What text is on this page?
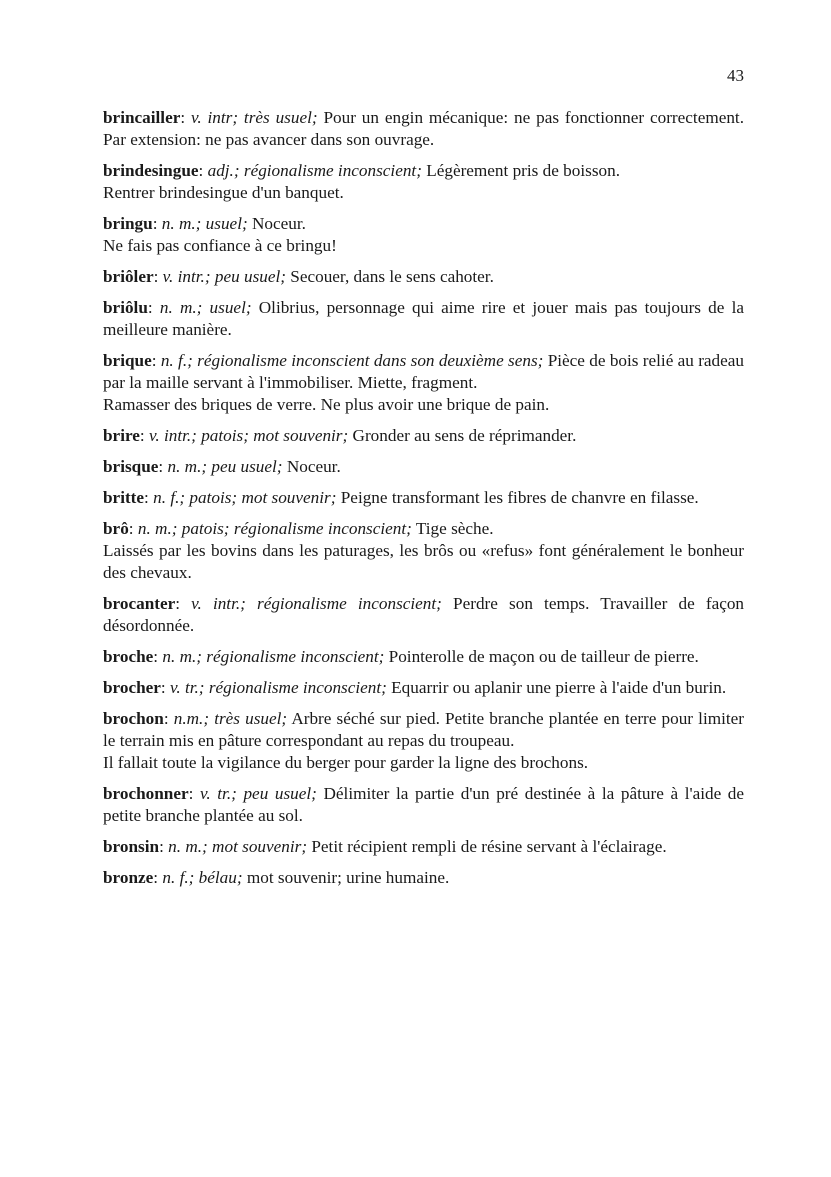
43

brincailler: v. intr; très usuel; Pour un engin mécanique: ne pas fonctionner correctement. Par extension: ne pas avancer dans son ouvrage.

brindesingue: adj.; régionalisme inconscient; Légèrement pris de boisson.
Rentrer brindesingue d'un banquet.

bringu: n. m.; usuel; Noceur.
Ne fais pas confiance à ce bringu!

briôler: v. intr.; peu usuel; Secouer, dans le sens cahoter.

briôlu: n. m.; usuel; Olibrius, personnage qui aime rire et jouer mais pas toujours de la meilleure manière.

brique: n. f.; régionalisme inconscient dans son deuxième sens; Pièce de bois relié au radeau par la maille servant à l'immobiliser. Miette, fragment.
Ramasser des briques de verre. Ne plus avoir une brique de pain.

brire: v. intr.; patois; mot souvenir; Gronder au sens de réprimander.

brisque: n. m.; peu usuel; Noceur.

britte: n. f.; patois; mot souvenir; Peigne transformant les fibres de chanvre en filasse.

brô: n. m.; patois; régionalisme inconscient; Tige sèche.
Laissés par les bovins dans les paturages, les brôs ou «refus» font généralement le bonheur des chevaux.

brocanter: v. intr.; régionalisme inconscient; Perdre son temps. Travailler de façon désordonnée.

broche: n. m.; régionalisme inconscient; Pointerolle de maçon ou de tailleur de pierre.

brocher: v. tr.; régionalisme inconscient; Equarrir ou aplanir une pierre à l'aide d'un burin.

brochon: n.m.; très usuel; Arbre séché sur pied. Petite branche plantée en terre pour limiter le terrain mis en pâture correspondant au repas du troupeau.
Il fallait toute la vigilance du berger pour garder la ligne des brochons.

brochonner: v. tr.; peu usuel; Délimiter la partie d'un pré destinée à la pâture à l'aide de petite branche plantée au sol.

bronsin: n. m.; mot souvenir; Petit récipient rempli de résine servant à l'éclairage.

bronze: n. f.; bélau; mot souvenir; urine humaine.
